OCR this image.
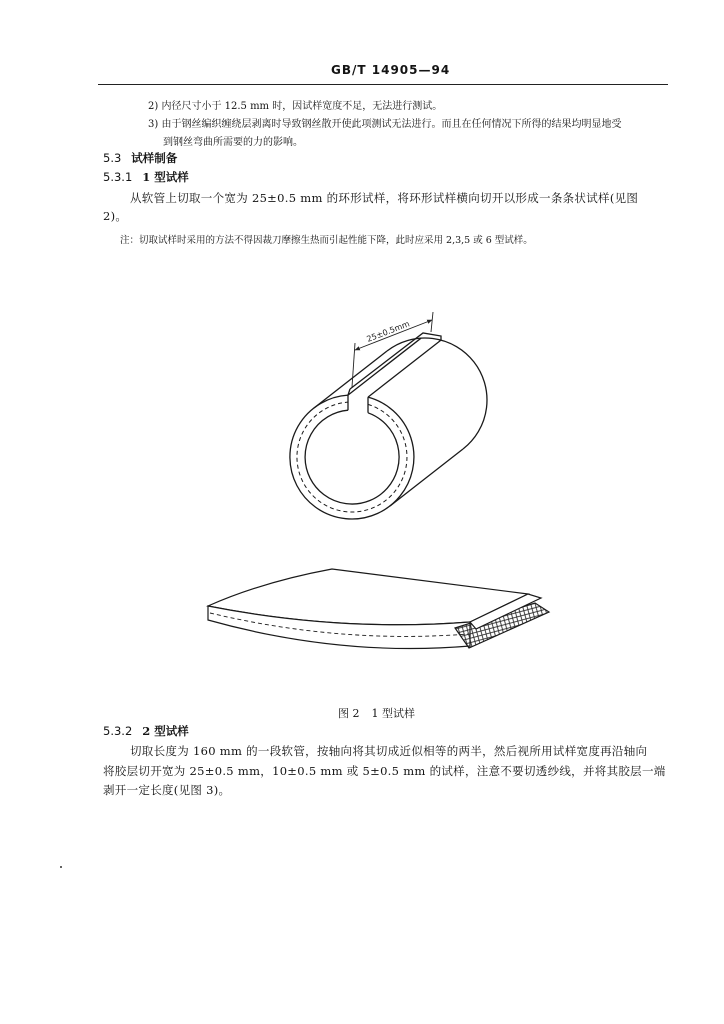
GB/T 14905—94
2) 内径尺寸小于 12.5 mm 时，因试样宽度不足，无法进行测试。
3) 由于钢丝编织缠绕层剥离时导致钢丝散开使此项测试无法进行。而且在任何情况下所得的结果均明显地受
到钢丝弯曲所需要的力的影响。
5.3 试样制备
5.3.1 1 型试样
从软管上切取一个宽为 25±0.5 mm 的环形试样，将环形试样横向切开以形成一条条状试样(见图
2)。
注：切取试样时采用的方法不得因裁刀摩擦生热而引起性能下降，此时应采用 2,3,5 或 6 型试样。
25±0.5mm
图 2 1 型试样
5.3.2 2 型试样
切取长度为 160 mm 的一段软管，按轴向将其切成近似相等的两半，然后视所用试样宽度再沿轴向
将胶层切开宽为 25±0.5 mm，10±0.5 mm 或 5±0.5 mm 的试样，注意不要切透纱线，并将其胶层一端
剥开一定长度(见图 3)。
